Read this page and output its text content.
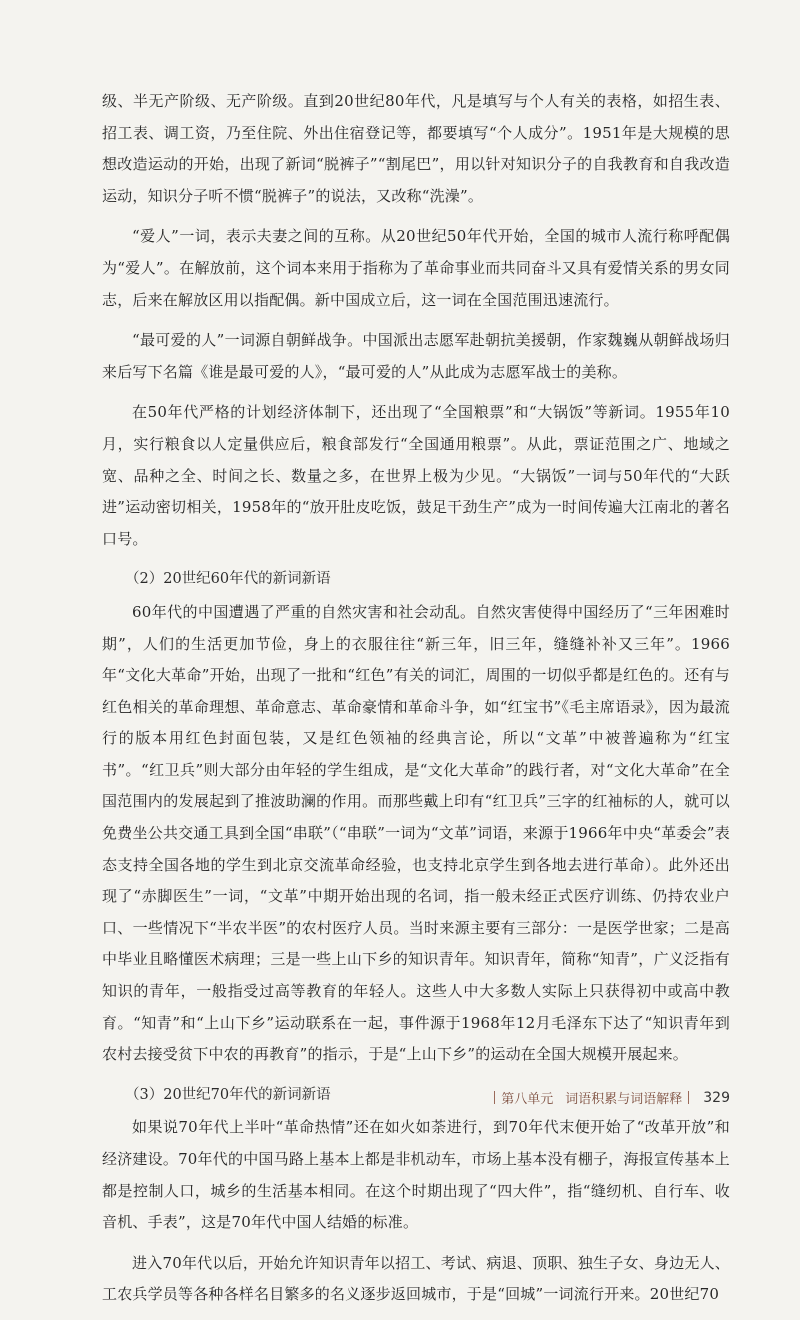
级、半无产阶级、无产阶级。直到20世纪80年代，凡是填写与个人有关的表格，如招生表、招工表、调工资，乃至住院、外出住宿登记等，都要填写“个人成分”。1951年是大规模的思想改造运动的开始，出现了新词“脱裤子”“割尾巴”，用以针对知识分子的自我教育和自我改造运动，知识分子听不惯“脱裤子”的说法，又改称“洗澡”。

“爱人”一词，表示夫妻之间的互称。从20世纪50年代开始，全国的城市人流行称呼配偶为“爱人”。在解放前，这个词本来用于指称为了革命事业而共同奋斗又具有爱情关系的男女同志，后来在解放区用以指配偶。新中国成立后，这一词在全国范围迅速流行。

“最可爱的人”一词源自朝鲜战争。中国派出志愿军赴朝抗美援朝，作家魏巍从朝鲜战场归来后写下名篇《谁是最可爱的人》，“最可爱的人”从此成为志愿军战士的美称。

在50年代严格的计划经济体制下，还出现了“全国粮票”和“大锅饭”等新词。1955年10月，实行粮食以人定量供应后，粮食部发行“全国通用粮票”。从此，票证范围之广、地域之宽、品种之全、时间之长、数量之多，在世界上极为少见。“大锅饭”一词与50年代的“大跃进”运动密切相关，1958年的“放开肚皮吃饭，鼓足干劲生产”成为一时间传遍大江南北的著名口号。

（2）20世纪60年代的新词新语

60年代的中国遭遇了严重的自然灾害和社会动乱。自然灾害使得中国经历了“三年困难时期”，人们的生活更加节俭，身上的衣服往往“新三年，旧三年，缝缝补补又三年”。1966年“文化大革命”开始，出现了一批和“红色”有关的词汇，周围的一切似乎都是红色的。还有与红色相关的革命理想、革命意志、革命豪情和革命斗争，如“红宝书”《毛主席语录》，因为最流行的版本用红色封面包装，又是红色领袖的经典言论，所以“文革”中被普遍称为“红宝书”。“红卫兵”则大部分由年轻的学生组成，是“文化大革命”的践行者，对“文化大革命”在全国范围内的发展起到了推波助澜的作用。而那些戴上印有“红卫兵”三字的红袖标的人，就可以免费坐公共交通工具到全国“串联”（“串联”一词为“文革”词语，来源于1966年中央“革委会”表态支持全国各地的学生到北京交流革命经验，也支持北京学生到各地去进行革命）。此外还出现了“赤脚医生”一词，“文革”中期开始出现的名词，指一般未经正式医疗训练、仍持农业户口、一些情况下“半农半医”的农村医疗人员。当时来源主要有三部分：一是医学世家；二是高中毕业且略懂医术病理；三是一些上山下乡的知识青年。知识青年，简称“知青”，广义泛指有知识的青年，一般指受过高等教育的年轻人。这些人中大多数人实际上只获得初中或高中教育。“知青”和“上山下乡”运动联系在一起，事件源于1968年12月毛泽东下达了“知识青年到农村去接受贫下中农的再教育”的指示，于是“上山下乡”的运动在全国大规模开展起来。

（3）20世纪70年代的新词新语

如果说70年代上半叶“革命热情”还在如火如荼进行，到70年代末便开始了“改革开放”和经济建设。70年代的中国马路上基本上都是非机动车，市场上基本没有棚子，海报宣传基本上都是控制人口，城乡的生活基本相同。在这个时期出现了“四大件”，指“缝纫机、自行车、收音机、手表”，这是70年代中国人结婚的标准。

进入70年代以后，开始允许知识青年以招工、考试、病退、顶职、独生子女、身边无人、工农兵学员等各种各样名目繁多的名义逐步返回城市，于是“回城”一词流行开来。20世纪70

第八单元 词语积累与词语解释 329
